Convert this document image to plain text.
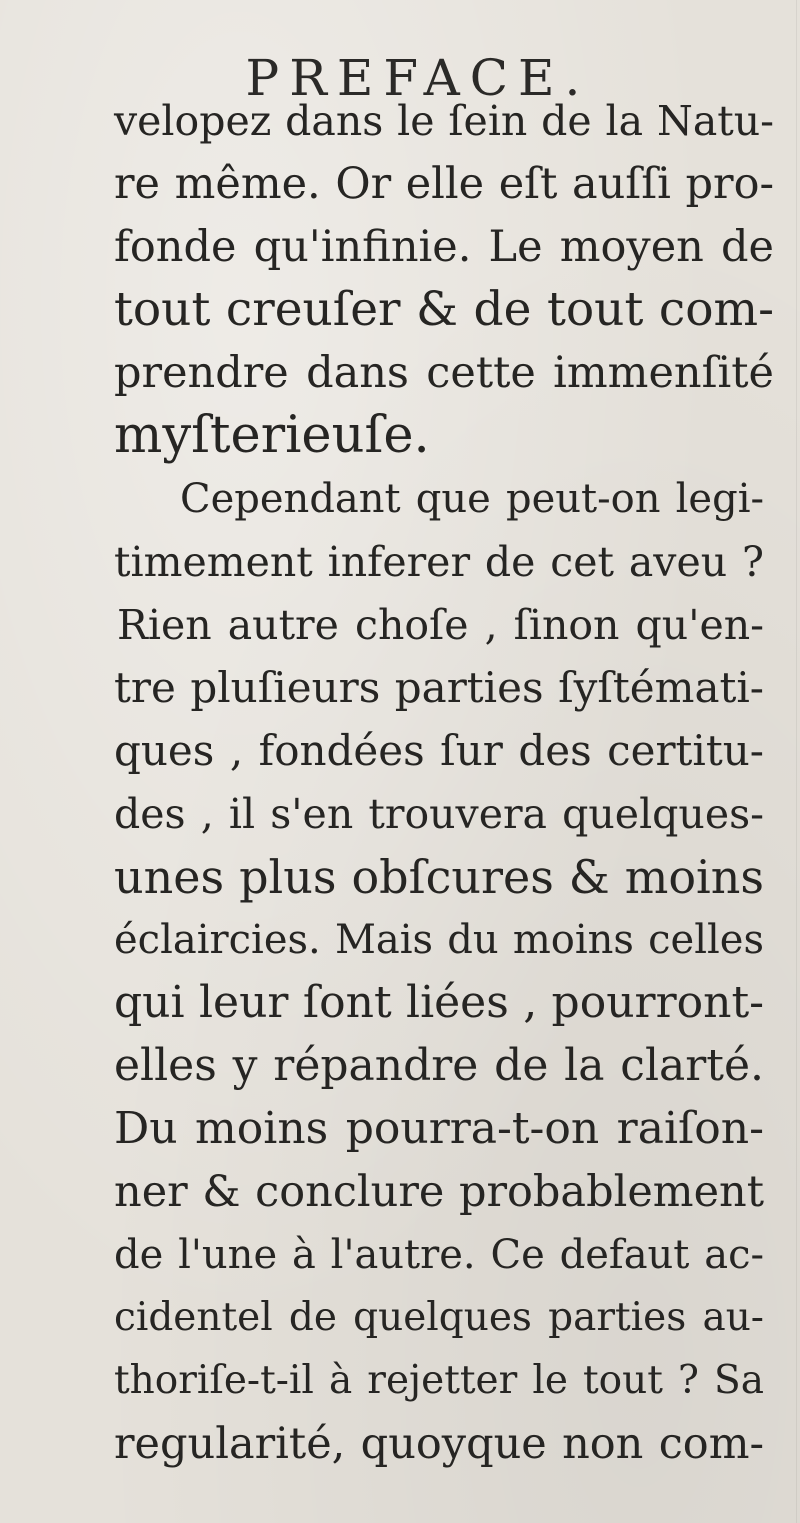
PREFACE.
velopez dans le ſein de la Natu-
re même. Or elle eſt auſſi pro-
fonde qu'infinie. Le moyen de
tout creuſer & de tout com-
prendre dans cette immenſité
myſterieuſe.
Cependant que peut-on legi-
timement inferer de cet aveu ?
Rien autre choſe , ſinon qu'en-
tre pluſieurs parties ſyſtémati-
ques , fondées ſur des certitu-
des , il s'en trouvera quelques-
unes plus obſcures & moins
éclaircies. Mais du moins celles
qui leur ſont liées , pourront-
elles y répandre de la clarté.
Du moins pourra-t-on raiſon-
ner & conclure probablement
de l'une à l'autre. Ce defaut ac-
cidentel de quelques parties au-
thoriſe-t-il à rejetter le tout ? Sa
regularité, quoyque non com-
